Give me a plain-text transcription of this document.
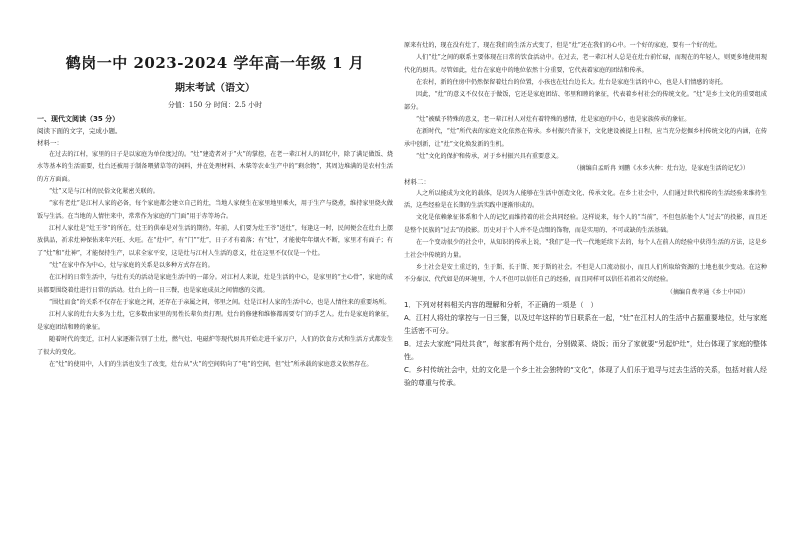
鹤岗一中 2023-2024 学年高一年级 1 月
期末考试（语文）
分值：150 分 时间：2.5 小时
一、现代文阅读（35 分）
阅读下面的文字，完成小题。
材料一：

在过去的江村，家里的日子是以家庭为单位度过的。“灶”建造者对于“火”的掌控，在老一辈江村人的回忆中，除了满足做饭、烧水等基本的生活需要，灶台还被用于制备喂猪草等的饲料，并在处理材料、木柴等农业生产中的“剩余物”，其周边堆满的是农村生活的方方面面。

“灶”又是与江村的民俗文化紧密关联的。

“家有老灶”是江村人家的必备，每个家庭都会建立自己的灶，当地人家便生在家里地里乘火，用于生产与烧煮，维持家里烧火做饭与生活。在当地的人情往来中，常常作为家庭的“门面”用于赤等场合。

江村人家灶是“灶王爷”的所在，灶王的供奉是对生活的期待。年前，人们要为灶王爷“送灶”，每逢这一时，民间便会在灶台上摆放供品，祈求灶神保佑来年兴旺、火旺。在“灶中”，有“门”“灶”，日子才有着落；有“灶”，才能使年年烟火不断，家里才有面子；有了“灶”和“灶神”，才能保持生产，以求全家平安，这是灶与江村人生活的意义，灶在这里不仅仅是一个灶。

“灶”在家中作为中心，灶与家庭的关系是以多种方式存在的。

在江村的日常生活中，与灶有关的活动是家庭生活中的一部分。对江村人来说，灶是生活的中心，是家里的“主心骨”，家庭的成员都要围绕着灶进行日常的活动。灶台上的一日三餐，也是家庭成员之间情感的交流。

“围灶而食”的关系不仅存在于家庭之间，还存在于亲属之间，邻里之间。灶是江村人家的生活中心，也是人情往来的重要场所。

江村人家的灶台大多为土灶，它多数由家里的男性长辈负责打理。灶台的修建和维修都需要专门的手艺人。灶台是家庭的象征，是家庭团结和睦的象征。

随着时代的变迁，江村人家逐渐告别了土灶，燃气灶、电磁炉等现代厨具开始走进千家万户，人们的饮食方式和生活方式都发生了很大的变化。

在“灶”的使用中，人们的生活也发生了改变，灶台从“火”的空间转向了“电”的空间，但“灶”所承载的家庭意义依然存在。

原来有灶的，现在没有灶了，现在我们的生活方式变了，但是“灶”还在我们的心中。一个好的家庭，要有一个好的灶。

人们“灶”之间的联系主要体现在日常的饮食活动中。在过去，老一辈江村人总是在灶台前忙碌，而现在的年轻人，则更多地使用现代化的厨具。尽管如此，灶台在家庭中的地位依然十分重要，它代表着家庭的团结和传承。

在农村，新的住房中仍然保留着灶台的位置，小孩也在灶台边长大。灶台是家庭生活的中心，也是人们情感的寄托。

因此，“灶”的意义不仅仅在于做饭，它还是家庭团结、邻里和睦的象征，代表着乡村社会的传统文化。“灶”是乡土文化的重要组成部分。

“灶”被赋予特殊的意义，老一辈江村人对灶有着特殊的感情，灶是家庭的中心，也是家族传承的象征。

在新时代，“灶”所代表的家庭文化依然在传承。乡村振兴背景下，文化建设被提上日程，应当充分挖掘乡村传统文化的内涵，在传承中创新，让“灶”文化焕发新的生机。

“灶”文化的保护和传承，对于乡村振兴具有重要意义。

（摘编自孟昕冉 刘鹏《水乡火种：灶台边，是家庭生活的记忆》）

材料二：

人之所以能成为文化的载体，是因为人能够在生活中创造文化、传承文化。在乡土社会中，人们通过世代相传的生活经验来维持生活，这些经验是在长期的生活实践中逐渐形成的。

文化是依赖象征体系和个人的记忆而维持着的社会共同经验。这样说来，每个人的“当前”，不但包括他个人“过去”的投影，而且还是整个民族的“过去”的投影。历史对于个人并不是点缀的饰物，而是实用的、不可或缺的生活基础。

在一个变动很少的社会中，从知识的传承上说，“我们”是一代一代地延续下去的，每个人在前人的经验中获得生活的方法，这是乡土社会中传统的力量。

乡土社会是安土重迁的，生于斯、长于斯、死于斯的社会。不但是人口流动很小，而且人们所取给资源的土地也很少变动。在这种不分秦汉、代代如是的环境里，个人不但可以信任自己的经验，而且同样可以信任若祖若父的经验。

（摘编自费孝通《乡土中国》）

1．下列对材料相关内容的理解和分析，不正确的一项是（　）

A．江村人将灶的掌控与一日三餐，以及过年这样的节日联系在一起，“灶”在江村人的生活中占据重要地位，灶与家庭生活密不可分。

B．过去大家庭“同灶共食”，每家都有两个灶台，分别做菜、烧饭；而分了家就要“另起炉灶”，灶台体现了家庭的整体性。

C．乡村传统社会中，灶的文化是一个乡土社会独特的“文化”，体现了人们乐于追寻与过去生活的关系，包括对前人经验的尊重与传承。
